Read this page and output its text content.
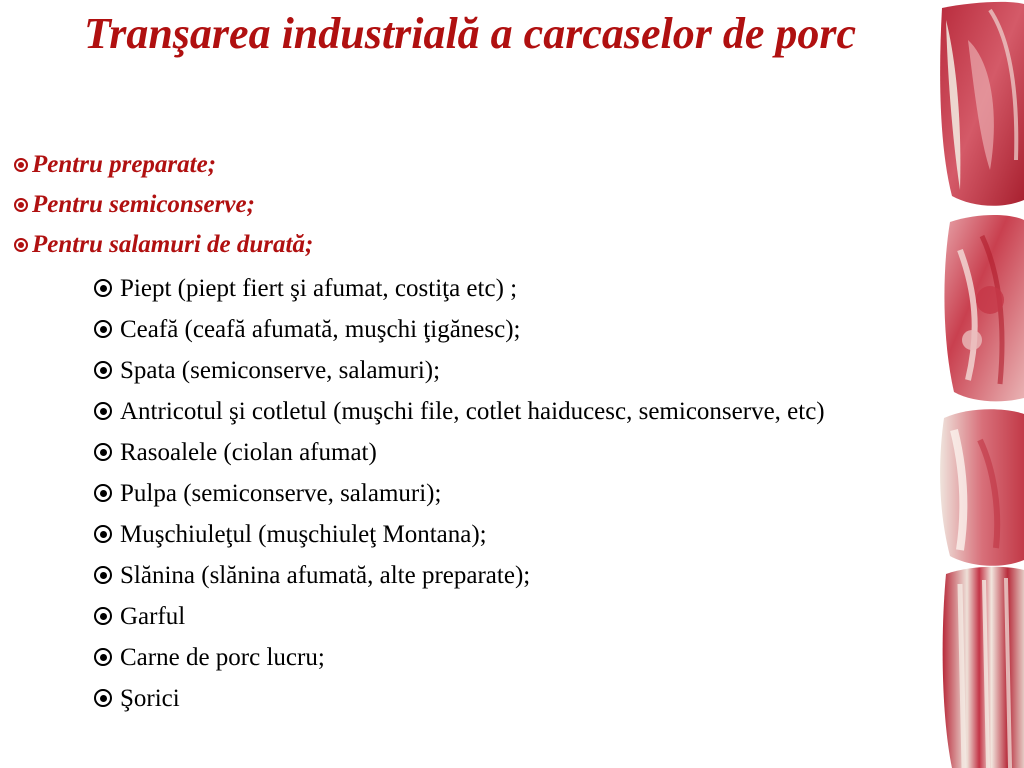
Tranşarea industrială a carcaselor de porc
Pentru preparate;
Pentru semiconserve;
Pentru salamuri de durată;
Piept (piept fiert şi afumat, costiţa etc) ;
Ceafă (ceafă afumată, muşchi ţigănesc);
Spata (semiconserve, salamuri);
Antricotul şi cotletul (muşchi file, cotlet haiducesc, semiconserve, etc)
Rasoalele (ciolan afumat)
Pulpa (semiconserve, salamuri);
Muşchiuleţul (muşchiuleţ Montana);
Slănina (slănina afumată, alte preparate);
Garful
Carne de porc lucru;
Şorici
